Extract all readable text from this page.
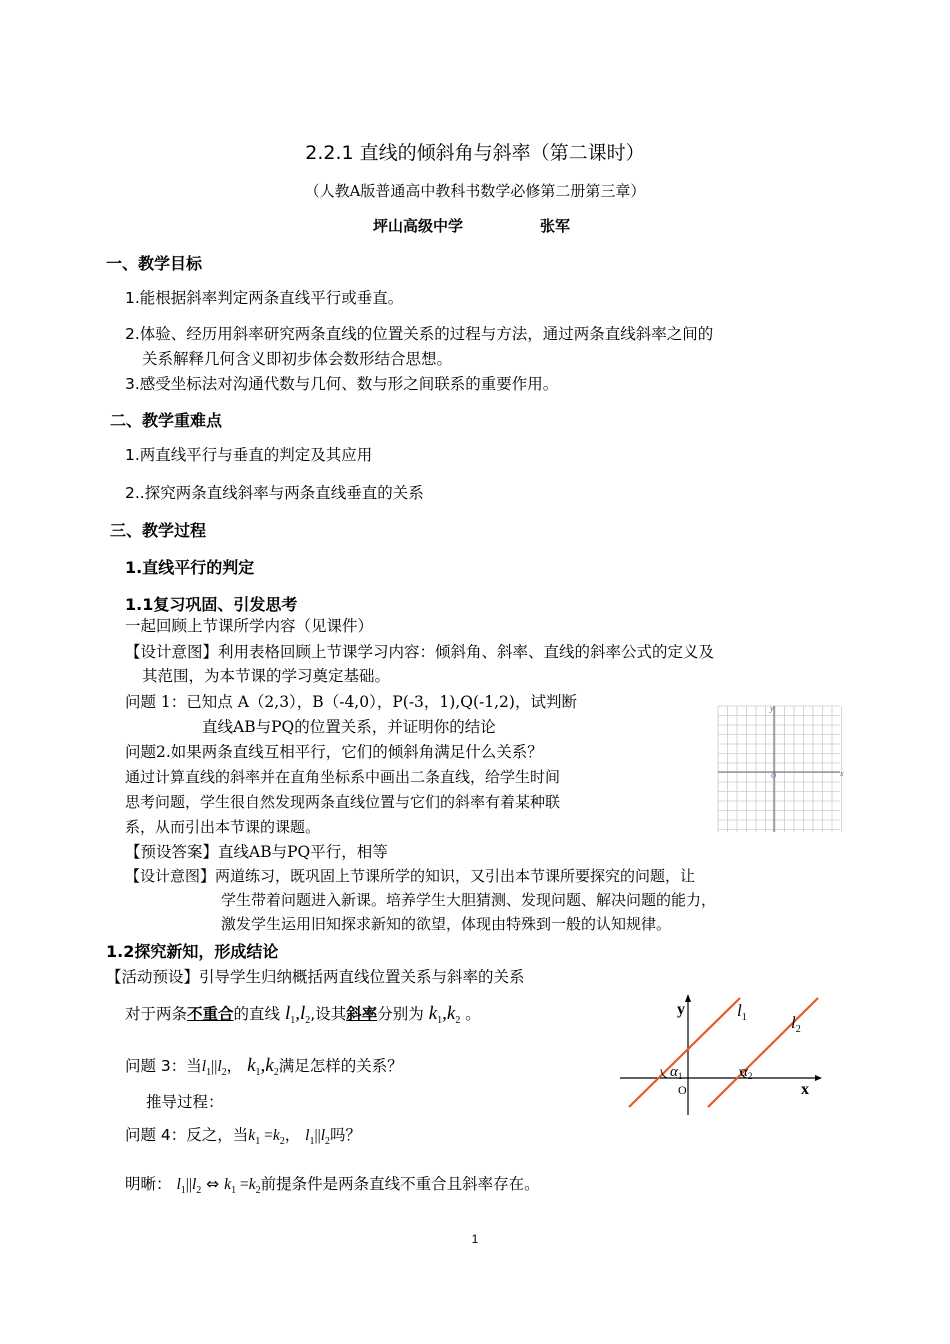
2.2.1 直线的倾斜角与斜率（第二课时）
（人教A版普通高中教科书数学必修第二册第三章）
坪山高级中学	张军
一、教学目标
1.能根据斜率判定两条直线平行或垂直。
2.体验、经历用斜率研究两条直线的位置关系的过程与方法，通过两条直线斜率之间的
关系解释几何含义即初步体会数形结合思想。
3.感受坐标法对沟通代数与几何、数与形之间联系的重要作用。
二、教学重难点
1.两直线平行与垂直的判定及其应用
2..探究两条直线斜率与两条直线垂直的关系
三、教学过程
1.直线平行的判定
1.1复习巩固、引发思考
一起回顾上节课所学内容（见课件）
【设计意图】利用表格回顾上节课学习内容：倾斜角、斜率、直线的斜率公式的定义及
其范围，为本节课的学习奠定基础。
问题 1：已知点 A（2,3），B（-4,0），P(-3，1),Q(-1,2)，试判断
直线AB与PQ的位置关系，并证明你的结论
问题2.如果两条直线互相平行，它们的倾斜角满足什么关系？
通过计算直线的斜率并在直角坐标系中画出二条直线，给学生时间
思考问题，学生很自然发现两条直线位置与它们的斜率有着某种联
系，从而引出本节课的课题。
【预设答案】直线AB与PQ平行，相等
【设计意图】两道练习，既巩固上节课所学的知识，又引出本节课所要探究的问题，让
学生带着问题进入新课。培养学生大胆猜测、发现问题、解决问题的能力，
激发学生运用旧知探求新知的欲望，体现由特殊到一般的认知规律。
1.2探究新知，形成结论
【活动预设】引导学生归纳概括两直线位置关系与斜率的关系
对于两条不重合的直线 $l_1,l_2$,设其斜率分别为 $k_1,k_2$ 。
问题 3：当$l_1||l_2$， $k_1,k_2$满足怎样的关系？
推导过程：
问题 4：反之，当$k_1 =k_2$， $l_1||l_2$吗？
明晰： $l_1||l_2$ ⇔ $k_1 =k_2$前提条件是两条直线不重合且斜率存在。
x
y
O
y
x
O
$l_1$	$l_2$
$\alpha_1$	$\alpha_2$
1
